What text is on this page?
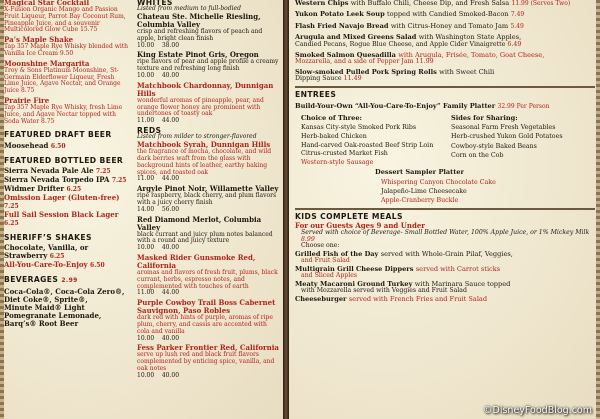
Magical Star Cocktail
X-Fusion Organic Mango and Passion Fruit Liqueur, Parrot Bay Coconut Rum, Pineapple Juice, and a souvenir Multicolored Glow Cube 15.75
Pa’s Maple Shake
Tap 357 Maple Rye Whisky blended with Vanilla Ice Cream 9.50
Moonshine Margarita
Troy & Sons Platinum Moonshine, St-Germain Elderflower Liqueur, Fresh Lime Juice, Agave Nectar, and Orange Juice 8.75
Prairie Fire
Tap 357 Maple Rye Whisky, fresh Lime Juice, and Agave Nectar topped with Soda Water 8.75
FEATURED DRAFT BEER
Moosehead 6.50
FEATURED BOTTLED BEER
Sierra Nevada Pale Ale 7.25
Sierra Nevada Torpedo IPA 7.25
Widmer Drifter 6.25
Omission Lager (Gluten-free) 7.25
Full Sail Session Black Lager 6.25
SHERIFF’S SHAKES
Chocolate, Vanilla, or
Strawberry 6.25
All-You-Care-To-Enjoy 6.50
BEVERAGES 2.99
Coca-Cola®, Coca-Cola Zero®,
Diet Coke®, Sprite®,
Minute Maid® Light
Pomegranate Lemonade,
Barq’s® Root Beer
WHITES
Listed from medium to full-bodied
Chateau Ste. Michelle Riesling, Columbia Valley
crisp and refreshing flavors of peach and apple, bright clean finish
10.00 38.00
King Estate Pinot Gris, Oregon
ripe flavors of pear and apple profile a creamy texture and refreshing long finish
10.00 40.00
Matchbook Chardonnay, Dunnigan Hills
wonderful aromas of pineapple, pear, and orange flower honey are prominent with undertones of toasty oak
11.00 44.00
REDS
Listed from milder to stronger-flavored
Matchbook Syrah, Dunnigan Hills
the fragrance of mocha, chocolate, and wild dark berries waft from the glass with background hints of leather, earthy baking spices, and toasted oak
11.00 44.00
Argyle Pinot Noir, Willamette Valley
ripe raspberry, black cherry, and plum flavors with a juicy cherry finish
14.00 56.00
Red Diamond Merlot, Columbia Valley
black currant and juicy plum notes balanced with a round and juicy texture
10.00 40.00
Masked Rider Gunsmoke Red, California
aromas and flavors of fresh fruit, plums, black currant, herbs, espresso notes, and complemented with touches of earth
11.00 44.00
Purple Cowboy Trail Boss Cabernet Sauvignon, Paso Robles
dark red with hints of purple, aromas of ripe plum, cherry, and cassis are accented with cola and vanilla
10.00 40.00
Fess Parker Frontier Red, California
serve up lush red and black fruit flavors complemented by enticing spice, vanilla, and oak notes
10.00 40.00
Western Chips with Buffalo Chili, Cheese Dip, and Fresh Salsa 11.99 (Serves Two)
Yukon Potato Leek Soup topped with Candied Smoked-Bacon 7.49
Flash Fried Navajo Bread with Citrus-Honey and Tomato Jam 5.49
Arugula and Mixed Greens Salad with Washington State Apples,
Candied Pecans, Rogue Blue Cheese, and Apple Cider Vinaigrette 6.49
Smoked Salmon Quesadilla with Arugula, Frisée, Tomato, Goat Cheese,
Mozzarella, and a side of Pepper Jam 11.99
Slow-smoked Pulled Pork Spring Rolls with Sweet Chili
Dipping Sauce 11.49
ENTREES
Build-Your-Own “All-You-Care-To-Enjoy” Family Platter 32.99 Per Person
Choice of Three:
Kansas City-style Smoked Pork Ribs
Herb-baked Chicken
Hand-carved Oak-roasted Beef Strip Loin
Citrus-crusted Market Fish
Western-style Sausage
Sides for Sharing:
Seasonal Farm Fresh Vegetables
Herb-crushed Yukon Gold Potatoes
Cowboy-style Baked Beans
Corn on the Cob
Dessert Sampler Platter
Whispering Canyon Chocolate Cake
Jalapeño-Lime Cheesecake
Apple-Cranberry Buckle
KIDS COMPLETE MEALS
For our Guests Ages 9 and Under
Served with choice of Beverage- Small Bottled Water, 100% Apple Juice, or 1% Mickey Milk 8.99
Choose one:
Grilled Fish of the Day served with Whole-Grain Pilaf, Veggies,
and Fruit Salad
Multigrain Grill Cheese Dippers served with Carrot sticks
and Sliced Apples
Meaty Macaroni Ground Turkey with Marinara Sauce topped
with Mozzarella served with Veggies and Fruit Salad
Cheeseburger served with French Fries and Fruit Salad
©DisneyFoodBlog.com
